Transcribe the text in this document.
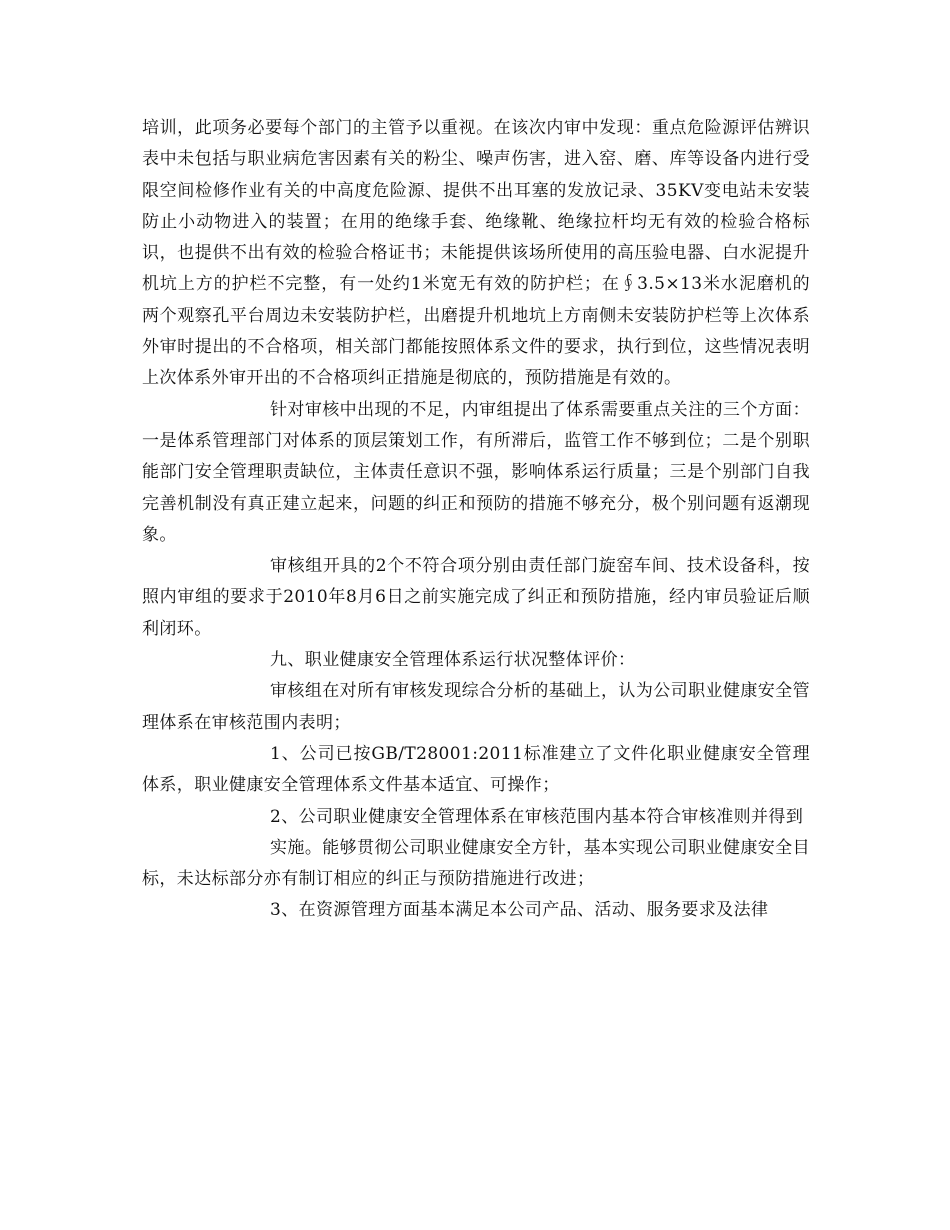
培训，此项务必要每个部门的主管予以重视。在该次内审中发现：重点危险源评估辨识表中未包括与职业病危害因素有关的粉尘、噪声伤害，进入窑、磨、库等设备内进行受限空间检修作业有关的中高度危险源、提供不出耳塞的发放记录、35KV变电站未安装防止小动物进入的装置；在用的绝缘手套、绝缘靴、绝缘拉杆均无有效的检验合格标识，也提供不出有效的检验合格证书；未能提供该场所使用的高压验电器、白水泥提升机坑上方的护栏不完整，有一处约1米宽无有效的防护栏；在∮3.5×13米水泥磨机的两个观察孔平台周边未安装防护栏，出磨提升机地坑上方南侧未安装防护栏等上次体系外审时提出的不合格项，相关部门都能按照体系文件的要求，执行到位，这些情况表明上次体系外审开出的不合格项纠正措施是彻底的，预防措施是有效的。

针对审核中出现的不足，内审组提出了体系需要重点关注的三个方面：一是体系管理部门对体系的顶层策划工作，有所滞后，监管工作不够到位；二是个别职能部门安全管理职责缺位，主体责任意识不强，影响体系运行质量；三是个别部门自我完善机制没有真正建立起来，问题的纠正和预防的措施不够充分，极个别问题有返潮现象。

审核组开具的2个不符合项分别由责任部门旋窑车间、技术设备科，按照内审组的要求于2010年8月6日之前实施完成了纠正和预防措施，经内审员验证后顺利闭环。

九、职业健康安全管理体系运行状况整体评价：

审核组在对所有审核发现综合分析的基础上，认为公司职业健康安全管理体系在审核范围内表明；

1、公司已按GB/T28001:2011标准建立了文件化职业健康安全管理体系，职业健康安全管理体系文件基本适宜、可操作；

2、公司职业健康安全管理体系在审核范围内基本符合审核准则并得到

实施。能够贯彻公司职业健康安全方针，基本实现公司职业健康安全目标，未达标部分亦有制订相应的纠正与预防措施进行改进；

3、在资源管理方面基本满足本公司产品、活动、服务要求及法律
